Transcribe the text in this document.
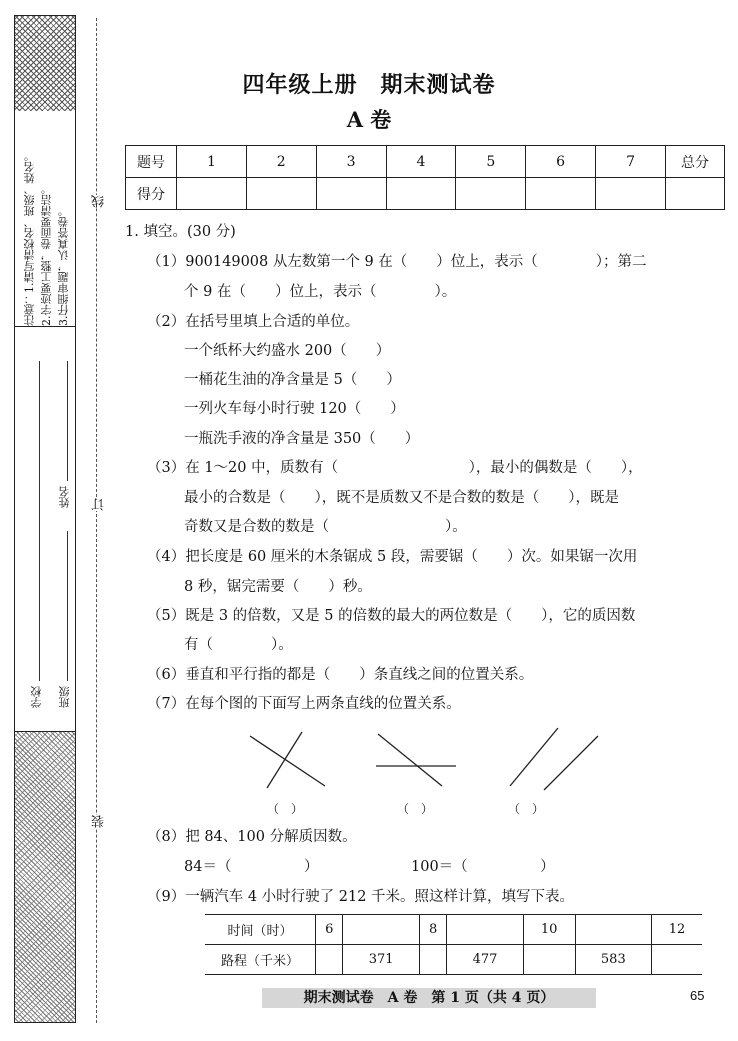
注意：1.请写清校名、班级、姓名。 2.字迹要工整，卷面要清洁。 3.仔细审题，认真答卷。
学校 班级
姓名
线
订
装
四年级上册　期末测试卷
A 卷
题号	1	2	3	4	5	6	7	总分
得分								
1. 填空。(30 分)
（1）900149008 从左数第一个 9 在（　　）位上，表示（　　　　）；第二
个 9 在（　　）位上，表示（　　　　）。
（2）在括号里填上合适的单位。
一个纸杯大约盛水 200（　　）
一桶花生油的净含量是 5（　　）
一列火车每小时行驶 120（　　）
一瓶洗手液的净含量是 350（　　）
（3）在 1～20 中，质数有（　　　　　　　　　），最小的偶数是（　　），
最小的合数是（　　），既不是质数又不是合数的数是（　　），既是
奇数又是合数的数是（　　　　　　　　）。
（4）把长度是 60 厘米的木条锯成 5 段，需要锯（　　）次。如果锯一次用
8 秒，锯完需要（　　）秒。
（5）既是 3 的倍数，又是 5 的倍数的最大的两位数是（　　），它的质因数
有（　　　　）。
（6）垂直和平行指的都是（　　）条直线之间的位置关系。
（7）在每个图的下面写上两条直线的位置关系。
（　）	（　）	（　）
（8）把 84、100 分解质因数。
84＝（　　　　　）	100＝（　　　　　）
（9）一辆汽车 4 小时行驶了 212 千米。照这样计算，填写下表。
时间（时）	6		8		10		12
路程（千米）		371		477		583	
期末测试卷　A 卷　第 1 页（共 4 页）	65
